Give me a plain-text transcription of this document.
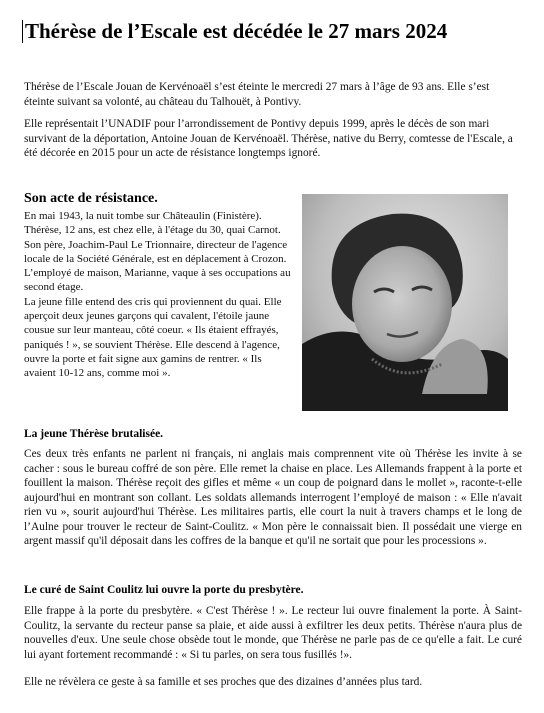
Thérèse de l’Escale est décédée le 27 mars 2024

Thérèse de l’Escale Jouan de Kervénoaël s’est éteinte le mercredi 27 mars à l’âge de 93 ans. Elle s’est éteinte suivant sa volonté, au château du Talhouët, à Pontivy.

Elle représentait l’UNADIF pour l’arrondissement de Pontivy depuis 1999, après le décès de son mari survivant de la déportation, Antoine Jouan de Kervénoaël. Thérèse, native du Berry, comtesse de l'Escale, a été décorée en 2015 pour un acte de résistance longtemps ignoré.

Son acte de résistance.
En mai 1943, la nuit tombe sur Châteaulin (Finistère). Thérèse, 12 ans, est chez elle, à l'étage du 30, quai Carnot. Son père, Joachim-Paul Le Trionnaire, directeur de l'agence locale de la Société Générale, est en déplacement à Crozon. L’employé de maison, Marianne, vaque à ses occupations au second étage.
La jeune fille entend des cris qui proviennent du quai. Elle aperçoit deux jeunes garçons qui cavalent, l'étoile jaune cousue sur leur manteau, côté coeur. « Ils étaient effrayés, paniqués ! », se souvient Thérèse. Elle descend à l'agence, ouvre la porte et fait signe aux gamins de rentrer. « Ils avaient 10-12 ans, comme moi ».
La jeune Thérèse brutalisée.

Ces deux très enfants ne parlent ni français, ni anglais mais comprennent vite où Thérèse les invite à se cacher : sous le bureau coffré de son père. Elle remet la chaise en place. Les Allemands frappent à la porte et fouillent la maison. Thérèse reçoit des gifles et même « un coup de poignard dans le mollet », raconte-t-elle aujourd'hui en montrant son collant. Les soldats allemands interrogent l’employé de maison : « Elle n'avait rien vu », sourit aujourd'hui Thérèse. Les militaires partis, elle court la nuit à travers champs et le long de l’Aulne pour trouver le recteur de Saint-Coulitz. « Mon père le connaissait bien. Il possédait une vierge en argent massif qu'il déposait dans les coffres de la banque et qu'il ne sortait que pour les processions ».

Le curé de Saint Coulitz lui ouvre la porte du presbytère.

Elle frappe à la porte du presbytère. « C'est Thérèse ! ». Le recteur lui ouvre finalement la porte. À Saint-Coulitz, la servante du recteur panse sa plaie, et aide aussi à exfiltrer les deux petits. Thérèse n'aura plus de nouvelles d'eux. Une seule chose obsède tout le monde, que Thérèse ne parle pas de ce qu'elle a fait. Le curé lui ayant fortement recommandé : « Si tu parles, on sera tous fusillés !».

Elle ne révèlera ce geste à sa famille et ses proches que des dizaines d’années plus tard.
